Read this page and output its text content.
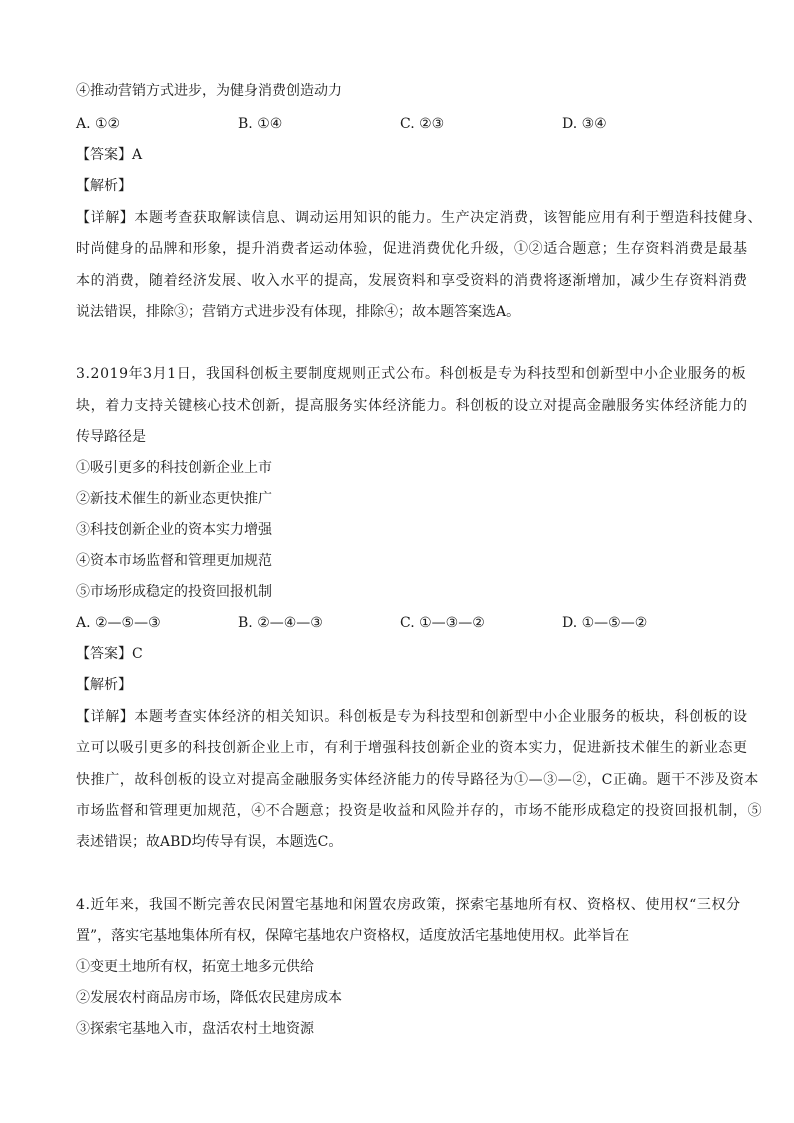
④推动营销方式进步，为健身消费创造动力
A. ①②	B. ①④	C. ②③	D. ③④
【答案】A
【解析】
【详解】本题考查获取解读信息、调动运用知识的能力。生产决定消费，该智能应用有利于塑造科技健身、
时尚健身的品牌和形象，提升消费者运动体验，促进消费优化升级，①②适合题意；生存资料消费是最基
本的消费，随着经济发展、收入水平的提高，发展资料和享受资料的消费将逐渐增加，减少生存资料消费
说法错误，排除③；营销方式进步没有体现，排除④；故本题答案选A。
3.2019年3月1日，我国科创板主要制度规则正式公布。科创板是专为科技型和创新型中小企业服务的板
块，着力支持关键核心技术创新，提高服务实体经济能力。科创板的设立对提高金融服务实体经济能力的
传导路径是
①吸引更多的科技创新企业上市
②新技术催生的新业态更快推广
③科技创新企业的资本实力增强
④资本市场监督和管理更加规范
⑤市场形成稳定的投资回报机制
A. ②—⑤—③	B. ②—④—③	C. ①—③—②	D. ①—⑤—②
【答案】C
【解析】
【详解】本题考查实体经济的相关知识。科创板是专为科技型和创新型中小企业服务的板块，科创板的设
立可以吸引更多的科技创新企业上市，有利于增强科技创新企业的资本实力，促进新技术催生的新业态更
快推广，故科创板的设立对提高金融服务实体经济能力的传导路径为①—③—②，C正确。题干不涉及资本
市场监督和管理更加规范，④不合题意；投资是收益和风险并存的，市场不能形成稳定的投资回报机制，⑤
表述错误；故ABD均传导有误，本题选C。
4.近年来，我国不断完善农民闲置宅基地和闲置农房政策，探索宅基地所有权、资格权、使用权“三权分
置”，落实宅基地集体所有权，保障宅基地农户资格权，适度放活宅基地使用权。此举旨在
①变更土地所有权，拓宽土地多元供给
②发展农村商品房市场，降低农民建房成本
③探索宅基地入市，盘活农村土地资源
